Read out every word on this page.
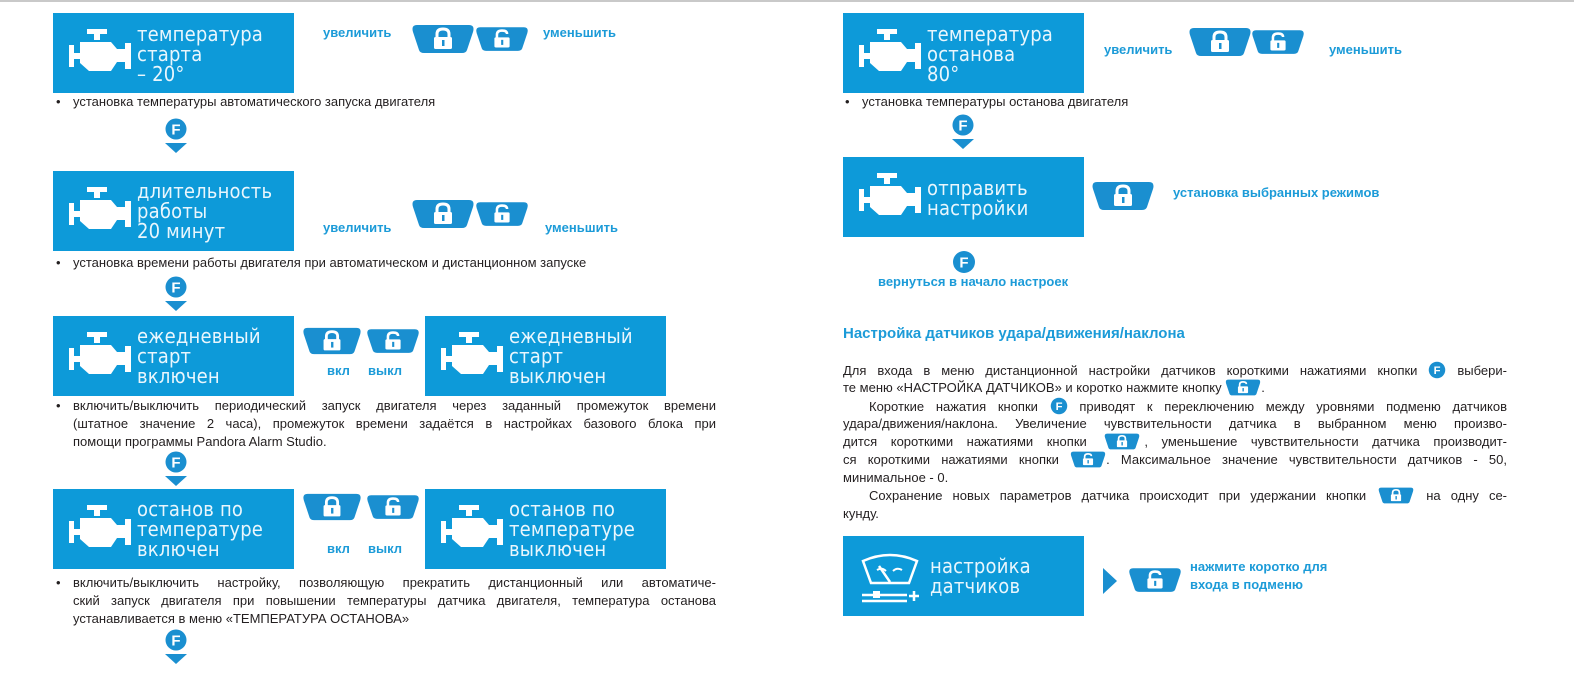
температура
старта
– 20°
увеличить	уменьшить
• установка температуры автоматического запуска двигателя
длительность
работы
20 минут	увеличить	уменьшить
• установка времени работы двигателя при автоматическом и дистанционном запуске
ежедневный
старт
включен	вкл выкл
ежедневный
старт
выключен
• включить/выключить периодический запуск двигателя через заданный промежуток времени
(штатное значение 2 часа), промежуток времени задаётся в настройках базового блока при
помощи программы Pandora Alarm Studio.
останов по
температуре
включен	вкл выкл
останов по
температуре
выключен
• включить/выключить настройку, позволяющую прекратить дистанционный или автоматиче-
ский запуск двигателя при повышении температуры датчика двигателя, температура останова
устанавливается в меню «ТЕМПЕРАТУРА ОСТАНОВА»
температура
останова
80°
увеличить	уменьшить
• установка температуры останова двигателя
отправить
настройки
установка выбранных режимов
вернуться в начало настроек
Настройка датчиков удара/движения/наклона
Для входа в меню дистанционной настройки датчиков короткими нажатиями кнопки	выбери-
те меню «НАСТРОЙКА ДАТЧИКОВ» и коротко нажмите кнопку	.
Короткие нажатия кнопки	приводят к переключению между уровнями подменю датчиков
удара/движения/наклона. Увеличение чувствительности датчика в выбранном меню произво-
дится короткими нажатиями кнопки	, уменьшение чувствительности датчика производит-
ся короткими нажатиями кнопки	. Максимальное значение чувствительности датчиков - 50,
минимальное - 0.
Сохранение новых параметров датчика происходит при удержании кнопки	на одну се-
кунду.
настройка
датчиков
нажмите коротко для
входа в подменю
